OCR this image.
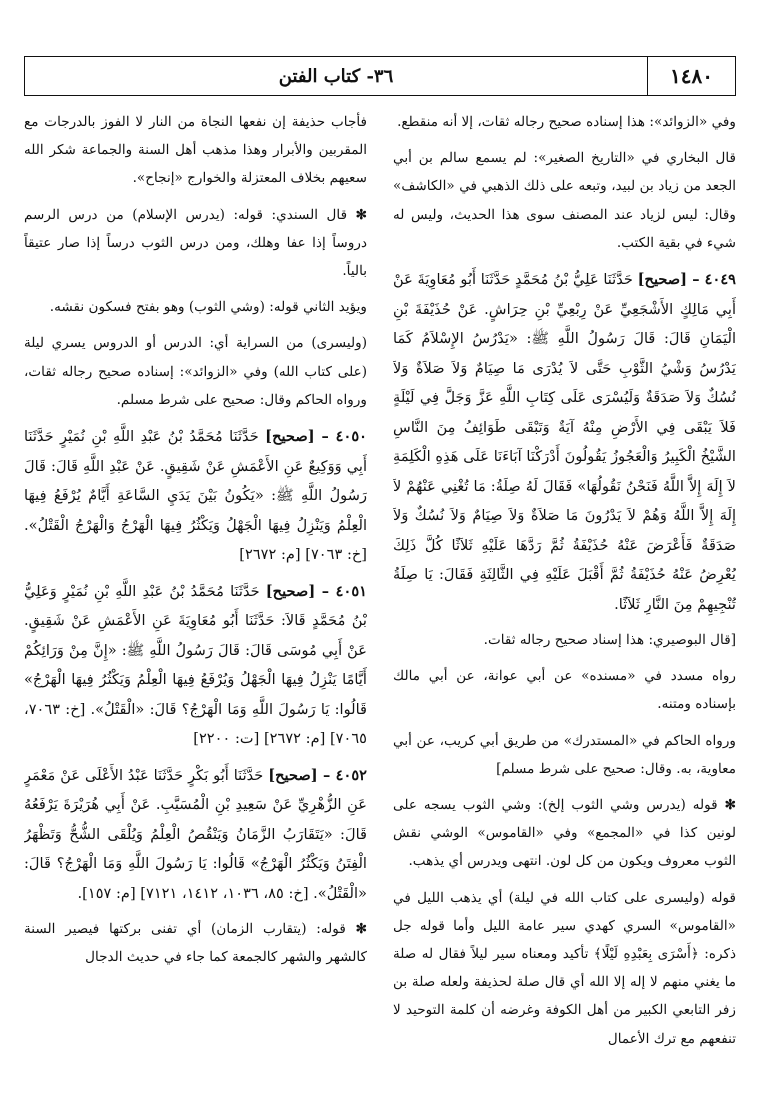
١٤٨٠
٣٦- كتاب الفتن

وفي «الزوائد»: هذا إسناده صحيح رجاله ثقات، إلا أنه منقطع.

قال البخاري في «التاريخ الصغير»: لم يسمع سالم بن أبي الجعد من زياد بن لبيد، وتبعه على ذلك الذهبي في «الكاشف» وقال: ليس لزياد عند المصنف سوى هذا الحديث، وليس له شيء في بقية الكتب.

٤٠٤٩ – [صحيح] حَدَّثَنَا عَلِيُّ بْنُ مُحَمَّدٍ حَدَّثَنَا أَبُو مُعَاوِيَةَ عَنْ أَبِي مَالِكٍ الأَشْجَعِيِّ عَنْ رِبْعِيِّ بْنِ حِرَاشٍ. عَنْ حُذَيْفَةَ بْنِ الْيَمَانِ قَالَ: قَالَ رَسُولُ اللَّهِ ﷺ: «يَدْرُسُ الإِسْلاَمُ كَمَا يَدْرُسُ وَشْيُ الثَّوْبِ حَتَّى لاَ يُدْرَى مَا صِيَامٌ وَلاَ صَلاَةٌ وَلاَ نُسُكٌ وَلاَ صَدَقَةٌ وَلَيُسْرَى عَلَى كِتَابِ اللَّهِ عَزَّ وَجَلَّ فِي لَيْلَةٍ فَلاَ يَبْقَى فِي الأَرْضِ مِنْهُ آيَةٌ وَتَبْقَى طَوَائِفُ مِنَ النَّاسِ الشَّيْخُ الْكَبِيرُ وَالْعَجُوزُ يَقُولُونَ أَدْرَكْنَا آبَاءَنَا عَلَى هَذِهِ الْكَلِمَةِ لاَ إِلَهَ إِلاَّ اللَّهُ فَنَحْنُ نَقُولُهَا» فَقَالَ لَهُ صِلَةُ: مَا تُغْنِي عَنْهُمْ لاَ إِلَهَ إِلاَّ اللَّهُ وَهُمْ لاَ يَدْرُونَ مَا صَلاَةٌ وَلاَ صِيَامٌ وَلاَ نُسُكٌ وَلاَ صَدَقَةٌ فَأَعْرَضَ عَنْهُ حُذَيْفَةُ ثُمَّ رَدَّهَا عَلَيْهِ ثَلاَثًا كُلَّ ذَلِكَ يُعْرِضُ عَنْهُ حُذَيْفَةُ ثُمَّ أَقْبَلَ عَلَيْهِ فِي الثَّالِثَةِ فَقَالَ: يَا صِلَةُ تُنْجِيهِمْ مِنَ النَّارِ ثَلاَثًا.

[قال البوصيري: هذا إسناد صحيح رجاله ثقات.

رواه مسدد في «مسنده» عن أبي عوانة، عن أبي مالك بإسناده ومتنه.

ورواه الحاكم في «المستدرك» من طريق أبي كريب، عن أبي معاوية، به. وقال: صحيح على شرط مسلم]

✻ قوله (يدرس وشي الثوب إلخ): وشي الثوب يسجه على لونين كذا في «المجمع» وفي «القاموس» الوشي نقش الثوب معروف ويكون من كل لون. انتهى ويدرس أي يذهب.

قوله (وليسرى على كتاب الله في ليلة) أي يذهب الليل في «القاموس» السري كهدي سير عامة الليل وأما قوله جل ذكره: ﴿أَسْرَى بِعَبْدِهِ لَيْلًا﴾ تأكيد ومعناه سير ليلاً فقال له صلة ما يغني منهم لا إله إلا الله أي قال صلة لحذيفة ولعله صلة بن زفر التابعي الكبير من أهل الكوفة وغرضه أن كلمة التوحيد لا تنفعهم مع ترك الأعمال

فأجاب حذيفة إن نفعها النجاة من النار لا الفوز بالدرجات مع المقربين والأبرار وهذا مذهب أهل السنة والجماعة شكر الله سعيهم بخلاف المعتزلة والخوارج «إنجاح».

✻ قال السندي: قوله: (يدرس الإسلام) من درس الرسم دروساً إذا عفا وهلك، ومن درس الثوب درساً إذا صار عتيقاً بالياً.

ويؤيد الثاني قوله: (وشي الثوب) وهو بفتح فسكون نقشه.

(وليسرى) من السراية أي: الدرس أو الدروس يسري ليلة (على كتاب الله) وفي «الزوائد»: إسناده صحيح رجاله ثقات، ورواه الحاكم وقال: صحيح على شرط مسلم.

٤٠٥٠ – [صحيح] حَدَّثَنَا مُحَمَّدُ بْنُ عَبْدِ اللَّهِ بْنِ نُمَيْرٍ حَدَّثَنَا أَبِي وَوَكِيعٌ عَنِ الأَعْمَشِ عَنْ شَقِيقٍ. عَنْ عَبْدِ اللَّهِ قَالَ: قَالَ رَسُولُ اللَّهِ ﷺ: «يَكُونُ بَيْنَ يَدَيِ السَّاعَةِ أَيَّامٌ يُرْفَعُ فِيهَا الْعِلْمُ وَيَنْزِلُ فِيهَا الْجَهْلُ وَيَكْثُرُ فِيهَا الْهَرْجُ وَالْهَرْجُ الْقَتْلُ». [خ: ٧٠٦٣] [م: ٢٦٧٢]

٤٠٥١ – [صحيح] حَدَّثَنَا مُحَمَّدُ بْنُ عَبْدِ اللَّهِ بْنِ نُمَيْرٍ وَعَلِيُّ بْنُ مُحَمَّدٍ قَالاَ: حَدَّثَنَا أَبُو مُعَاوِيَةَ عَنِ الأَعْمَشِ عَنْ شَقِيقٍ. عَنْ أَبِي مُوسَى قَالَ: قَالَ رَسُولُ اللَّهِ ﷺ: «إِنَّ مِنْ وَرَائِكُمْ أَيَّامًا يَنْزِلُ فِيهَا الْجَهْلُ وَيُرْفَعُ فِيهَا الْعِلْمُ وَيَكْثُرُ فِيهَا الْهَرْجُ» قَالُوا: يَا رَسُولَ اللَّهِ وَمَا الْهَرْجُ؟ قَالَ: «الْقَتْلُ». [خ: ٧٠٦٣، ٧٠٦٥] [م: ٢٦٧٢] [ت: ٢٢٠٠]

٤٠٥٢ – [صحيح] حَدَّثَنَا أَبُو بَكْرٍ حَدَّثَنَا عَبْدُ الأَعْلَى عَنْ مَعْمَرٍ عَنِ الزُّهْرِيِّ عَنْ سَعِيدِ بْنِ الْمُسَيَّبِ. عَنْ أَبِي هُرَيْرَةَ يَرْفَعُهُ قَالَ: «يَتَقَارَبُ الزَّمَانُ وَيَنْقُصُ الْعِلْمُ وَيُلْقَى الشُّحُّ وَتَظْهَرُ الْفِتَنُ وَيَكْثُرُ الْهَرْجُ» قَالُوا: يَا رَسُولَ اللَّهِ وَمَا الْهَرْجُ؟ قَالَ: «الْقَتْلُ». [خ: ٨٥، ١٠٣٦، ١٤١٢، ٧١٢١] [م: ١٥٧].

✻ قوله: (يتقارب الزمان) أي تفنى بركتها فيصير السنة كالشهر والشهر كالجمعة كما جاء في حديث الدجال
